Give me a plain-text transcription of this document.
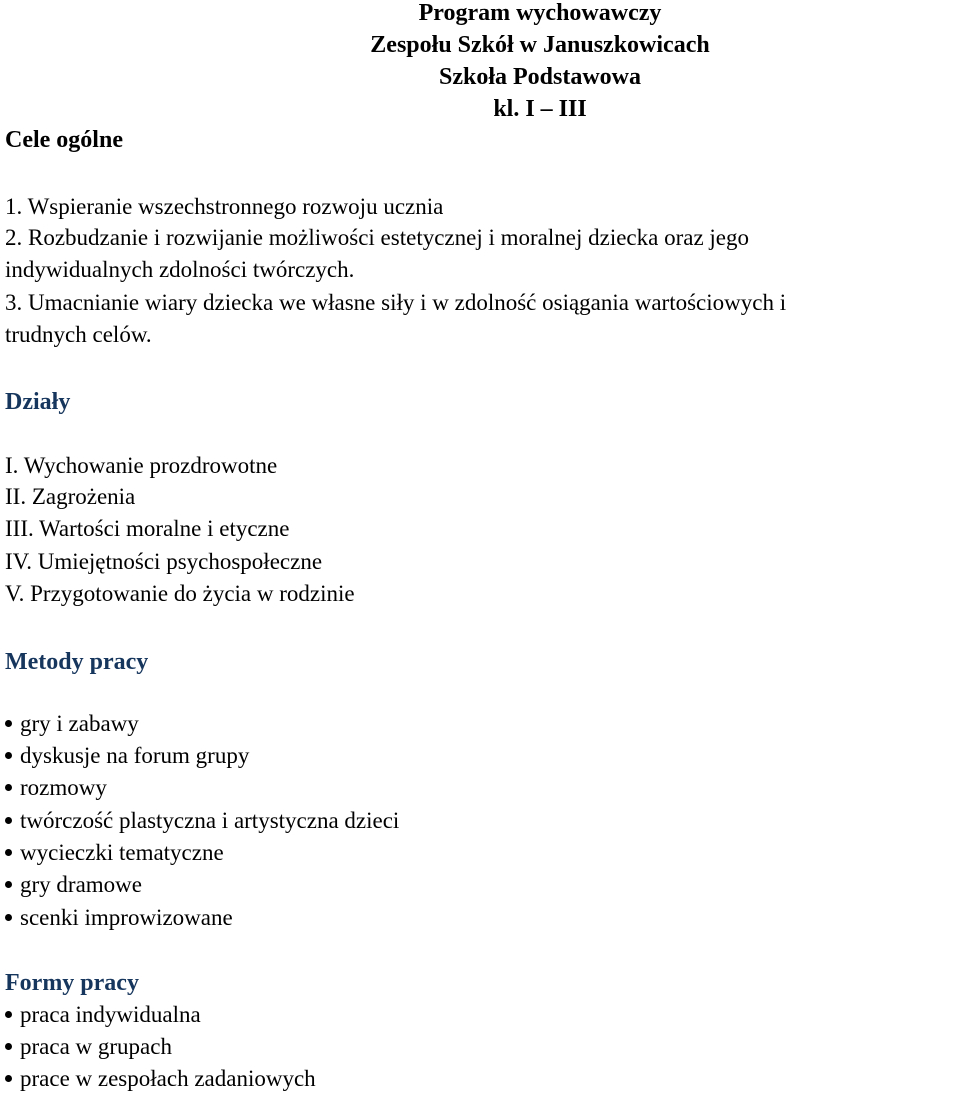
Program wychowawczy
Zespołu Szkół w Januszkowicach
Szkoła Podstawowa
kl. I – III
Cele ogólne
1. Wspieranie wszechstronnego rozwoju ucznia
2. Rozbudzanie i rozwijanie możliwości estetycznej i moralnej dziecka oraz jego
indywidualnych zdolności twórczych.
3. Umacnianie wiary dziecka we własne siły i w zdolność osiągania wartościowych i
trudnych celów.
Działy
I. Wychowanie prozdrowotne
II. Zagrożenia
III. Wartości moralne i etyczne
IV. Umiejętności psychospołeczne
V. Przygotowanie do życia w rodzinie
Metody pracy
gry i zabawy
dyskusje na forum grupy
rozmowy
twórczość plastyczna i artystyczna dzieci
wycieczki tematyczne
gry dramowe
scenki improwizowane
Formy pracy
praca indywidualna
praca w grupach
prace w zespołach zadaniowych
